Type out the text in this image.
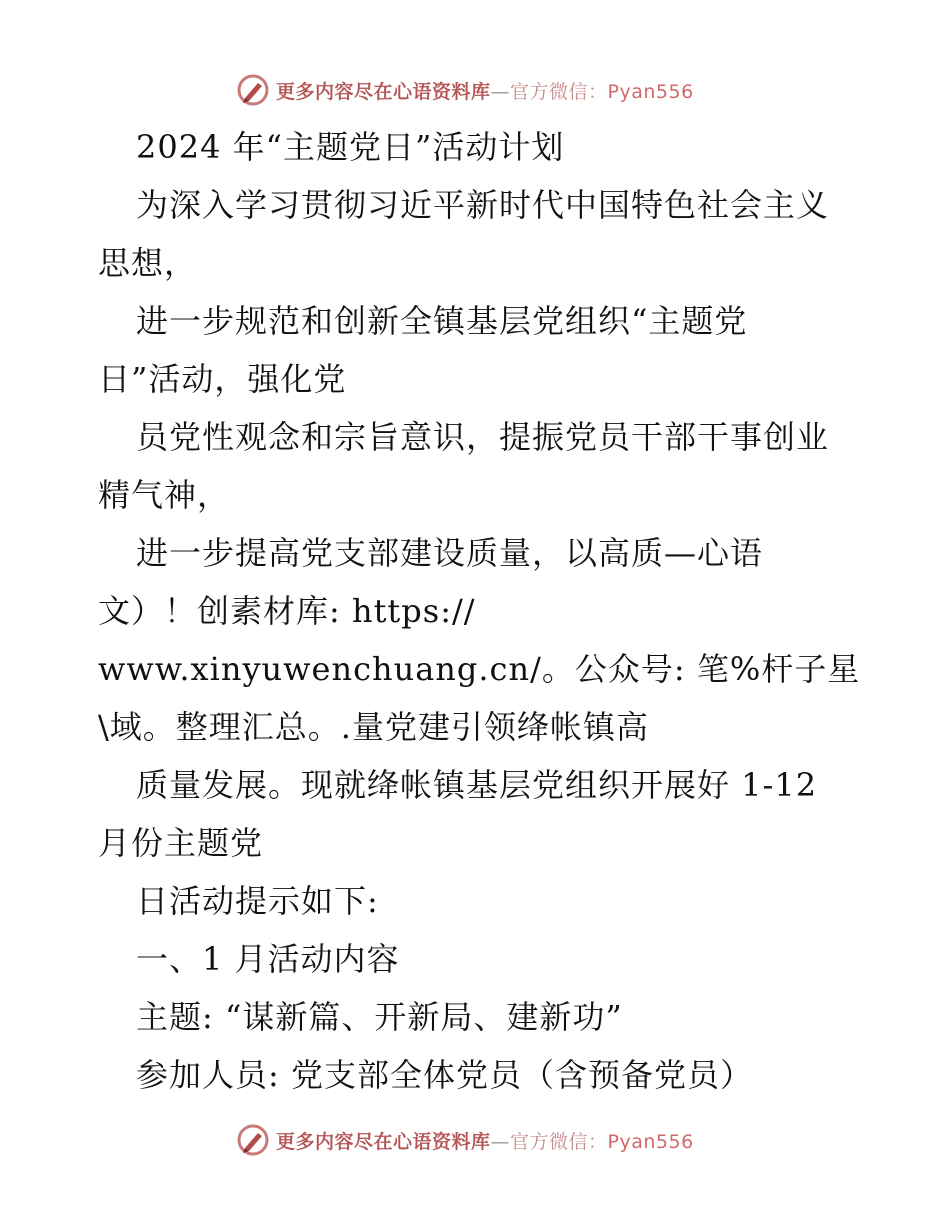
更多内容尽在心语资料库—官方微信：Pyan556
2024 年“主题党日”活动计划
为深入学习贯彻习近平新时代中国特色社会主义
思想，
进一步规范和创新全镇基层党组织“主题党
日”活动，强化党
员党性观念和宗旨意识，提振党员干部干事创业
精气神，
进一步提高党支部建设质量，以高质—心语
文）！创素材库: https://
www.xinyuwenchuang.cn/。公众号: 笔%杆子星
\域。整理汇总。.量党建引领绛帐镇高
质量发展。现就绛帐镇基层党组织开展好 1-12
月份主题党
日活动提示如下:
一、1 月活动内容
主题: “谋新篇、开新局、建新功”
参加人员: 党支部全体党员（含预备党员）
更多内容尽在心语资料库—官方微信：Pyan556
